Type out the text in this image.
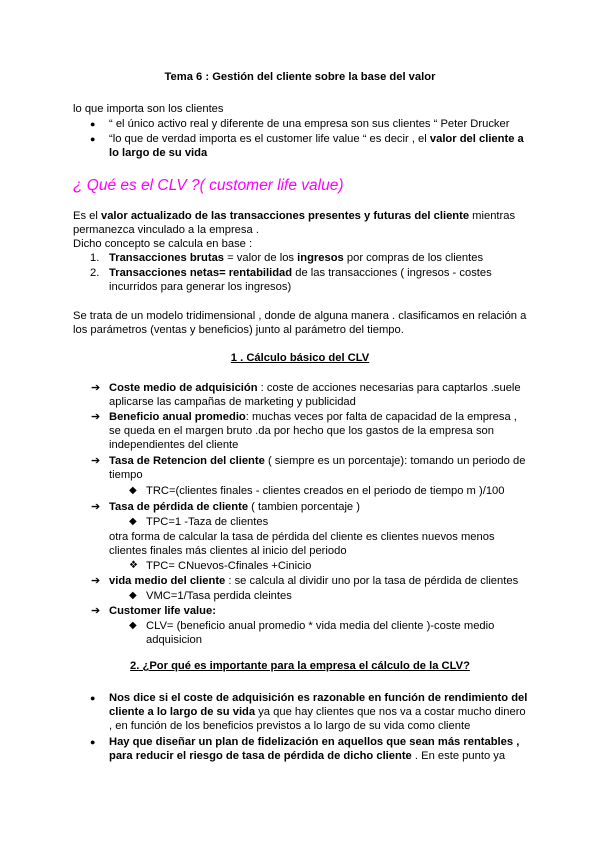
Tema 6 : Gestión del cliente sobre la base del valor
lo que importa son los clientes
● “ el único activo real y diferente de una empresa son sus clientes “ Peter Drucker
● “lo que de verdad importa es el customer life value “ es decir , el valor del cliente a
lo largo de su vida
¿ Qué es el CLV ?( customer life value)
Es el valor actualizado de las transacciones presentes y futuras del cliente mientras
permanezca vinculado a la empresa .
Dicho concepto se calcula en base :
1. Transacciones brutas = valor de los ingresos por compras de los clientes
2. Transacciones netas= rentabilidad de las transacciones ( ingresos - costes
incurridos para generar los ingresos)
Se trata de un modelo tridimensional , donde de alguna manera . clasificamos en relación a
los parámetros (ventas y beneficios) junto al parámetro del tiempo.
1 . Cálculo básico del CLV
➔ Coste medio de adquisición : coste de acciones necesarias para captarlos .suele
aplicarse las campañas de marketing y publicidad
➔ Beneficio anual promedio: muchas veces por falta de capacidad de la empresa ,
se queda en el margen bruto .da por hecho que los gastos de la empresa son
independientes del cliente
➔ Tasa de Retencion del cliente ( siempre es un porcentaje): tomando un periodo de
tiempo
◆ TRC=(clientes finales - clientes creados en el periodo de tiempo m )/100
➔ Tasa de pérdida de cliente ( tambien porcentaje )
◆ TPC=1 -Taza de clientes
otra forma de calcular la tasa de pérdida del cliente es clientes nuevos menos
clientes finales más clientes al inicio del periodo
❖ TPC= CNuevos-Cfinales +Cinicio
➔ vida medio del cliente : se calcula al dividir uno por la tasa de pérdida de clientes
◆ VMC=1/Tasa perdida cleintes
➔ Customer life value:
◆ CLV= (beneficio anual promedio * vida media del cliente )-coste medio
adquisicion
2. ¿Por qué es importante para la empresa el cálculo de la CLV?
● Nos dice si el coste de adquisición es razonable en función de rendimiento del
cliente a lo largo de su vida ya que hay clientes que nos va a costar mucho dinero
, en función de los beneficios previstos a lo largo de su vida como cliente
● Hay que diseñar un plan de fidelización en aquellos que sean más rentables ,
para reducir el riesgo de tasa de pérdida de dicho cliente . En este punto ya
